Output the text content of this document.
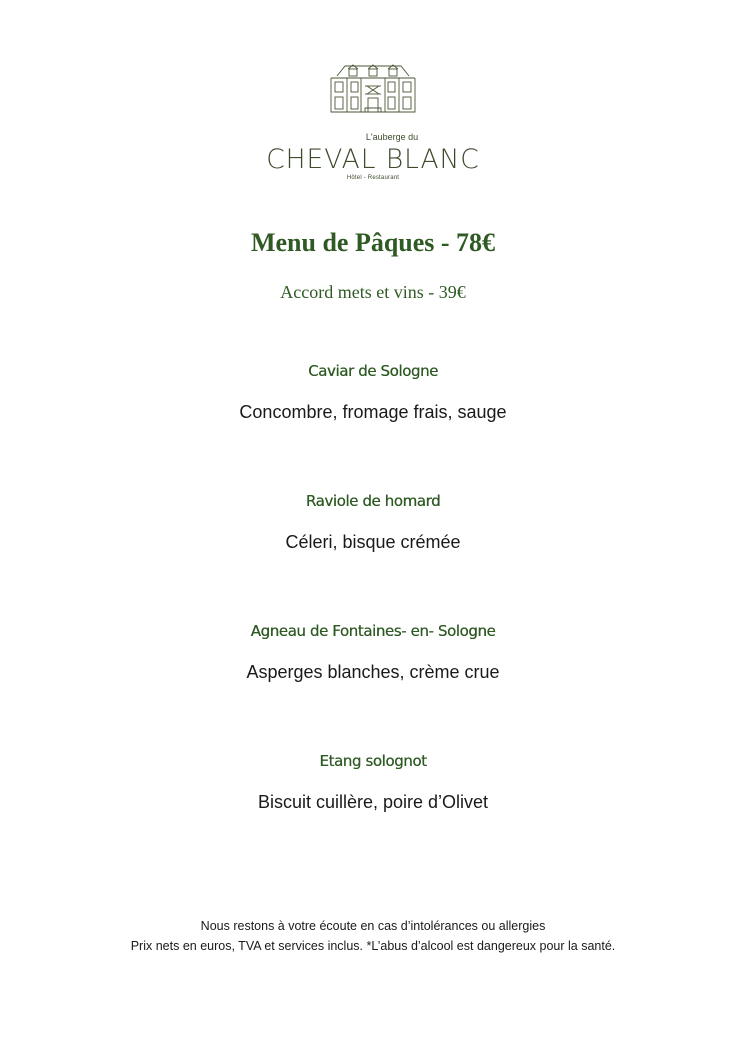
L'auberge du
CHEVAL BLANC
Hôtel - Restaurant
Menu de Pâques - 78€
Accord mets et vins - 39€
Caviar de Sologne
Concombre, fromage frais, sauge
Raviole de homard
Céleri, bisque crémée
Agneau de Fontaines- en- Sologne
Asperges blanches, crème crue
Etang solognot
Biscuit cuillère, poire d’Olivet
Nous restons à votre écoute en cas d’intolérances ou allergies
Prix nets en euros, TVA et services inclus. *L’abus d’alcool est dangereux pour la santé.
